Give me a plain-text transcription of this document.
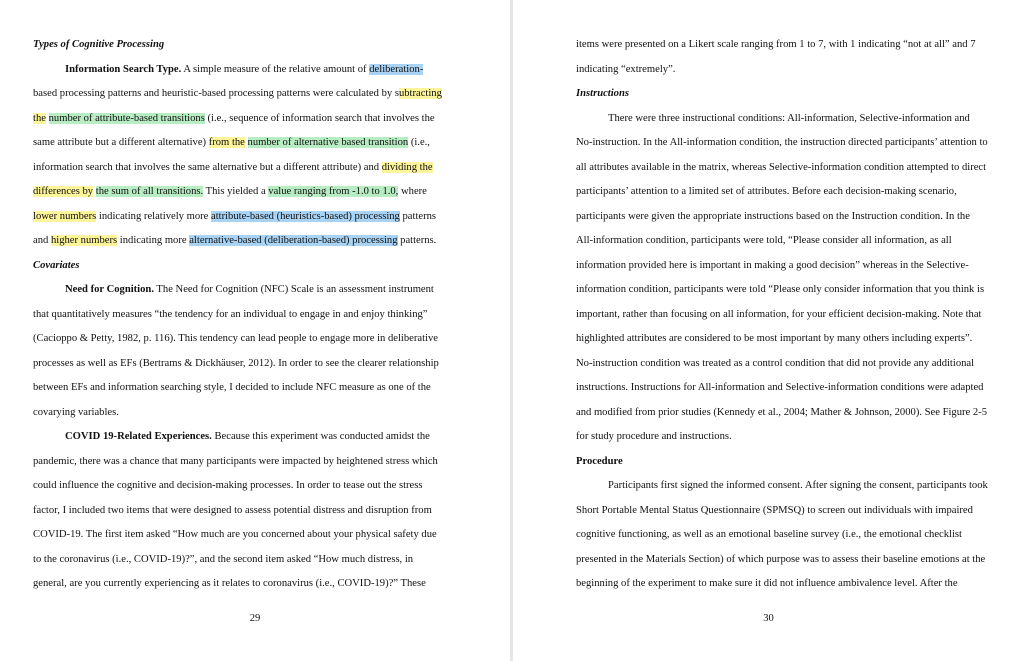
Types of Cognitive Processing
Information Search Type. A simple measure of the relative amount of deliberation-
based processing patterns and heuristic-based processing patterns were calculated by subtracting
the number of attribute-based transitions (i.e., sequence of information search that involves the
same attribute but a different alternative) from the number of alternative based transition (i.e.,
information search that involves the same alternative but a different attribute) and dividing the
differences by the sum of all transitions. This yielded a value ranging from -1.0 to 1.0, where
lower numbers indicating relatively more attribute-based (heuristics-based) processing patterns
and higher numbers indicating more alternative-based (deliberation-based) processing patterns.
Covariates
Need for Cognition. The Need for Cognition (NFC) Scale is an assessment instrument
that quantitatively measures “the tendency for an individual to engage in and enjoy thinking”
(Cacioppo & Petty, 1982, p. 116). This tendency can lead people to engage more in deliberative
processes as well as EFs (Bertrams & Dickhäuser, 2012). In order to see the clearer relationship
between EFs and information searching style, I decided to include NFC measure as one of the
covarying variables.
COVID 19-Related Experiences. Because this experiment was conducted amidst the
pandemic, there was a chance that many participants were impacted by heightened stress which
could influence the cognitive and decision-making processes. In order to tease out the stress
factor, I included two items that were designed to assess potential distress and disruption from
COVID-19. The first item asked “How much are you concerned about your physical safety due
to the coronavirus (i.e., COVID-19)?”, and the second item asked “How much distress, in
general, are you currently experiencing as it relates to coronavirus (i.e., COVID-19)?” These
29
items were presented on a Likert scale ranging from 1 to 7, with 1 indicating “not at all” and 7
indicating “extremely”.
Instructions
There were three instructional conditions: All-information, Selective-information and
No-instruction. In the All-information condition, the instruction directed participants’ attention to
all attributes available in the matrix, whereas Selective-information condition attempted to direct
participants’ attention to a limited set of attributes. Before each decision-making scenario,
participants were given the appropriate instructions based on the Instruction condition. In the
All-information condition, participants were told, “Please consider all information, as all
information provided here is important in making a good decision” whereas in the Selective-
information condition, participants were told “Please only consider information that you think is
important, rather than focusing on all information, for your efficient decision-making. Note that
highlighted attributes are considered to be most important by many others including experts”.
No-instruction condition was treated as a control condition that did not provide any additional
instructions. Instructions for All-information and Selective-information conditions were adapted
and modified from prior studies (Kennedy et al., 2004; Mather & Johnson, 2000). See Figure 2-5
for study procedure and instructions.
Procedure
Participants first signed the informed consent. After signing the consent, participants took
Short Portable Mental Status Questionnaire (SPMSQ) to screen out individuals with impaired
cognitive functioning, as well as an emotional baseline survey (i.e., the emotional checklist
presented in the Materials Section) of which purpose was to assess their baseline emotions at the
beginning of the experiment to make sure it did not influence ambivalence level. After the
30
